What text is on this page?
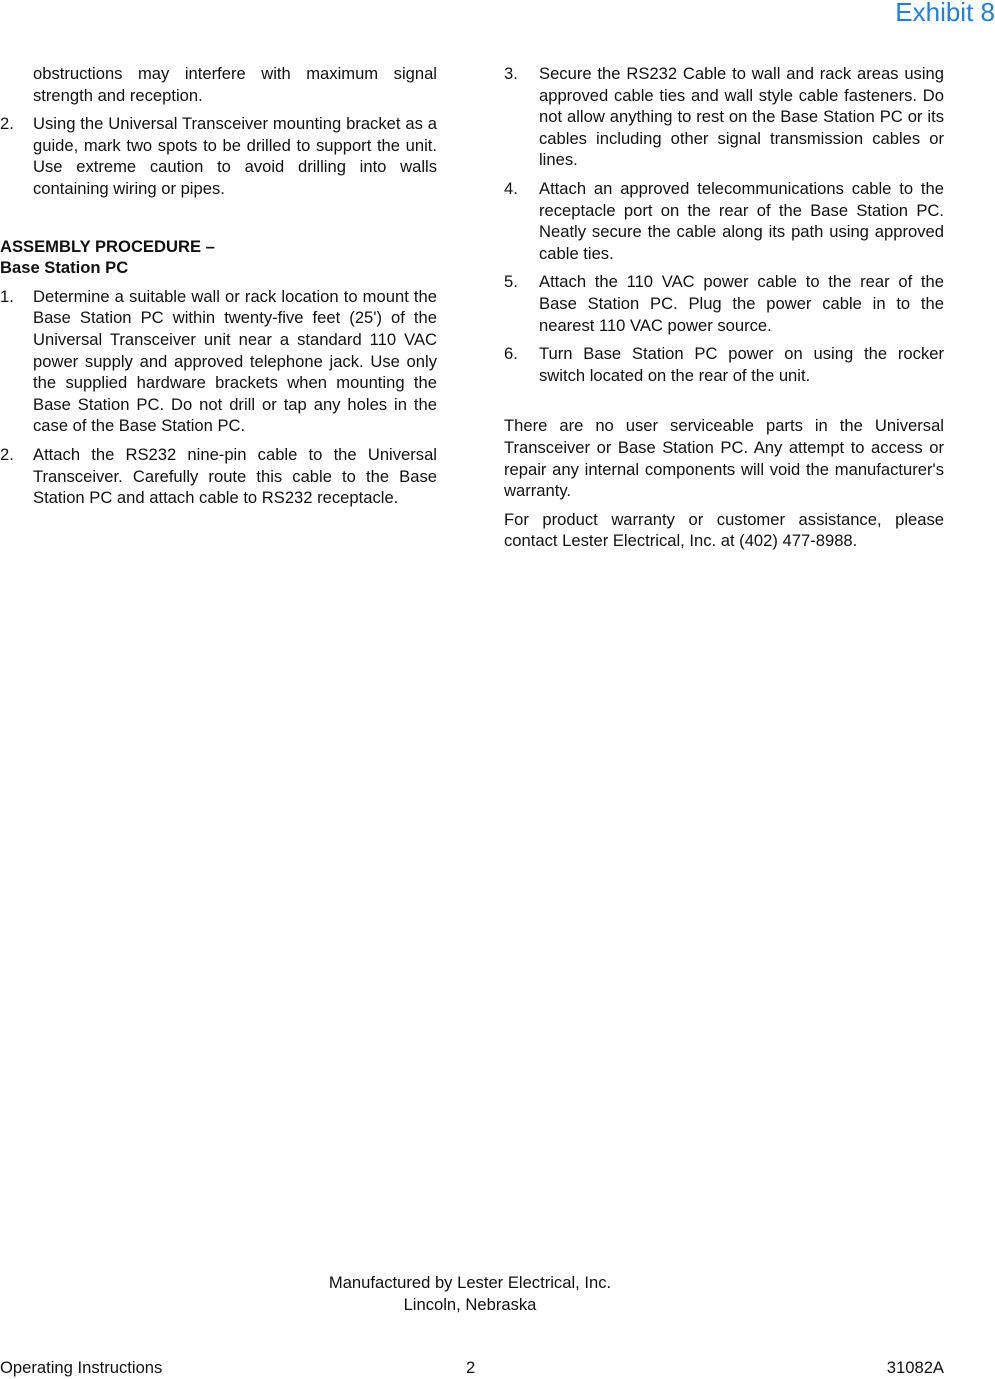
Exhibit 8

obstructions may interfere with maximum signal strength and reception.

2. Using the Universal Transceiver mounting bracket as a guide, mark two spots to be drilled to support the unit. Use extreme caution to avoid drilling into walls containing wiring or pipes.
ASSEMBLY PROCEDURE –
Base Station PC
1. Determine a suitable wall or rack location to mount the Base Station PC within twenty-five feet (25') of the Universal Transceiver unit near a standard 110 VAC power supply and approved telephone jack. Use only the supplied hardware brackets when mounting the Base Station PC. Do not drill or tap any holes in the case of the Base Station PC.
2. Attach the RS232 nine-pin cable to the Universal Transceiver. Carefully route this cable to the Base Station PC and attach cable to RS232 receptacle.
3. Secure the RS232 Cable to wall and rack areas using approved cable ties and wall style cable fasteners. Do not allow anything to rest on the Base Station PC or its cables including other signal transmission cables or lines.
4. Attach an approved telecommunications cable to the receptacle port on the rear of the Base Station PC. Neatly secure the cable along its path using approved cable ties.
5. Attach the 110 VAC power cable to the rear of the Base Station PC. Plug the power cable in to the nearest 110 VAC power source.
6. Turn Base Station PC power on using the rocker switch located on the rear of the unit.

There are no user serviceable parts in the Universal Transceiver or Base Station PC. Any attempt to access or repair any internal components will void the manufacturer's warranty.

For product warranty or customer assistance, please contact Lester Electrical, Inc. at (402) 477-8988.

Manufactured by Lester Electrical, Inc.
Lincoln, Nebraska
Operating Instructions	2	31082A
